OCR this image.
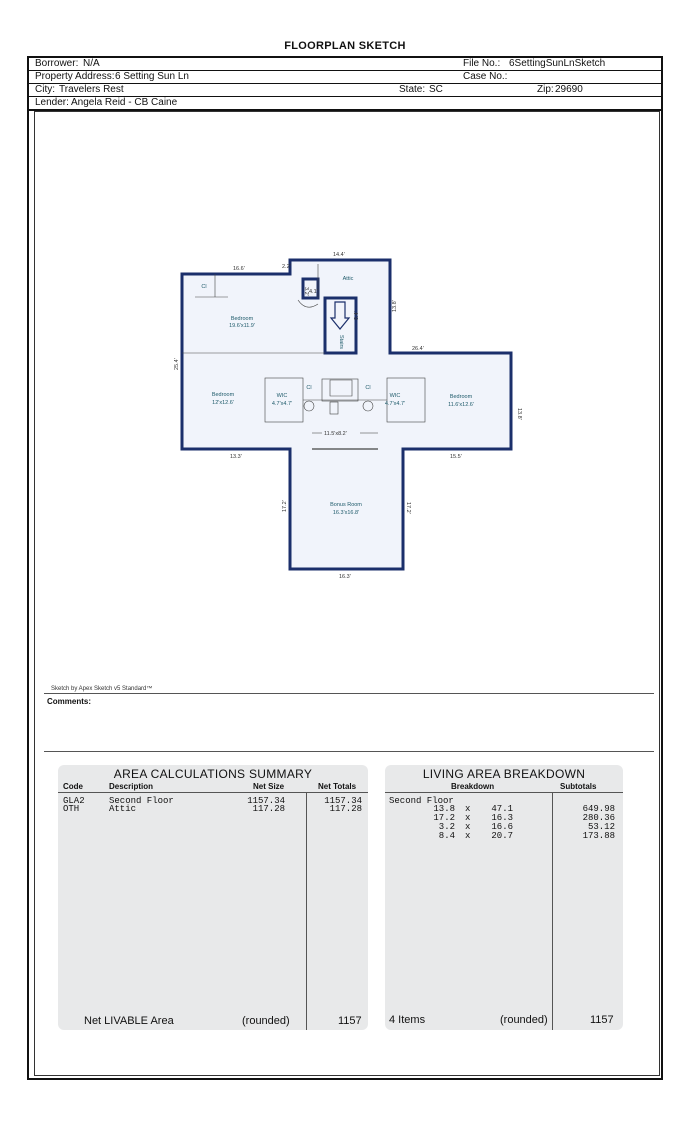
FLOORPLAN SKETCH
Borrower: N/A	File No.: 6SettingSunLnSketch
Property Address: 6 Setting Sun Ln	Case No.:
City: Travelers Rest	State: SC	Zip: 29690
Lender: Angela Reid - CB Caine
16.6'	2.2'
14.4'
13.8'
25.4'
26.4'
13.8'
13.3'	15.5'
17.2'	17.2'
16.3'
3.2' 4.1'
8.4'
11.5'x8.2'
Attic
Bedroom
19.6'x11.9'
Cl
Stairs
Bedroom
12'x12.6'
WIC
4.7'x4.7'
Cl	Cl
WIC
4.7'x4.7'
Bedroom
11.6'x12.6'
Bonus Room
16.3'x16.8'
Sketch by Apex Sketch v5 Standard™
Comments:
AREA CALCULATIONS SUMMARY
Code	Description	Net Size	Net Totals
GLA2	Second Floor	1157.34	1157.34
OTH	Attic	117.28	117.28
Net LIVABLE Area	(rounded)	1157
LIVING AREA BREAKDOWN
Breakdown	Subtotals
Second Floor
13.8 x	47.1	649.98
17.2 x	16.3	280.36
3.2 x	16.6	53.12
8.4 x	20.7	173.88
4 Items	(rounded)	1157
